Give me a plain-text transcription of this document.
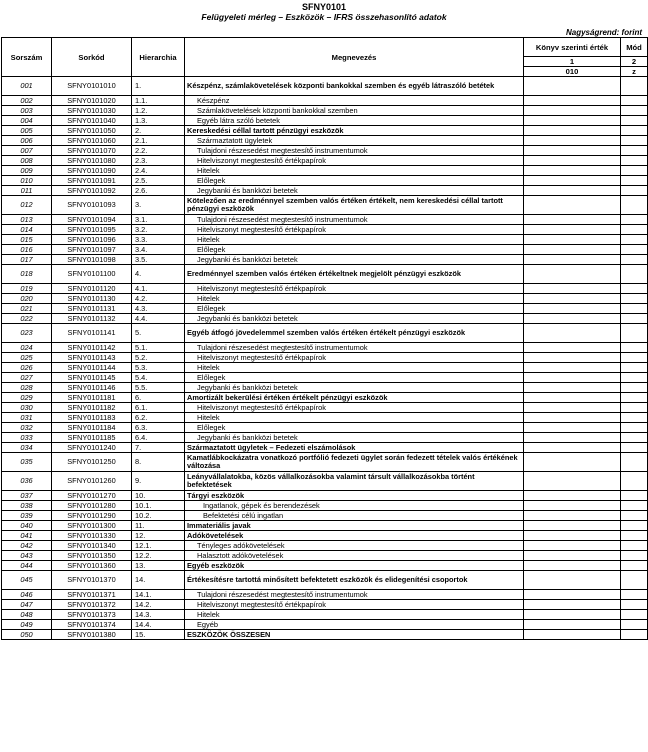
SFNY0101
Felügyeleti mérleg – Eszközök – IFRS összehasonlító adatok
Nagyságrend: forint
Sorszám	Sorkód	Hierarchia	Megnevezés	Könyv szerinti érték	Mód
				1	2
				010	z
001	SFNY0101010	1.	Készpénz, számlakövetelések központi bankokkal szemben és egyéb látraszóló betétek		
002	SFNY0101020	1.1.	Készpénz		
003	SFNY0101030	1.2.	Számlakövetelések központi bankokkal szemben		
004	SFNY0101040	1.3.	Egyéb látra szóló betetek		
005	SFNY0101050	2.	Kereskedési céllal tartott pénzügyi eszközök		
006	SFNY0101060	2.1.	Származtatott ügyletek		
007	SFNY0101070	2.2.	Tulajdoni részesedést megtestesítő instrumentumok		
008	SFNY0101080	2.3.	Hitelviszonyt megtestesítő értékpapírok		
009	SFNY0101090	2.4.	Hitelek		
010	SFNY0101091	2.5.	Előlegek		
011	SFNY0101092	2.6.	Jegybanki és bankközi betetek		
012	SFNY0101093	3.	Kötelezően az eredménnyel szemben valós értéken értékelt, nem kereskedési céllal tartott pénzügyi eszközök		
013	SFNY0101094	3.1.	Tulajdoni részesedést megtestesítő instrumentumok		
014	SFNY0101095	3.2.	Hitelviszonyt megtestesítő értékpapírok		
015	SFNY0101096	3.3.	Hitelek		
016	SFNY0101097	3.4.	Előlegek		
017	SFNY0101098	3.5.	Jegybanki és bankközi betetek		
018	SFNY0101100	4.	Eredménnyel szemben valós értéken értékeltnek megjelölt pénzügyi eszközök		
019	SFNY0101120	4.1.	Hitelviszonyt megtestesítő értékpapírok		
020	SFNY0101130	4.2.	Hitelek		
021	SFNY0101131	4.3.	Előlegek		
022	SFNY0101132	4.4.	Jegybanki és bankközi betetek		
023	SFNY0101141	5.	Egyéb átfogó jövedelemmel szemben valós értéken értékelt pénzügyi eszközök		
024	SFNY0101142	5.1.	Tulajdoni részesedést megtestesítő instrumentumok		
025	SFNY0101143	5.2.	Hitelviszonyt megtestesítő értékpapírok		
026	SFNY0101144	5.3.	Hitelek		
027	SFNY0101145	5.4.	Előlegek		
028	SFNY0101146	5.5.	Jegybanki és bankközi betetek		
029	SFNY0101181	6.	Amortizált bekerülési értéken értékelt pénzügyi eszközök		
030	SFNY0101182	6.1.	Hitelviszonyt megtestesítő értékpapírok		
031	SFNY0101183	6.2.	Hitelek		
032	SFNY0101184	6.3.	Előlegek		
033	SFNY0101185	6.4.	Jegybanki és bankközi betetek		
034	SFNY0101240	7.	Származtatott ügyletek – Fedezeti elszámolások		
035	SFNY0101250	8.	Kamatlábkockázatra vonatkozó portfólió fedezeti ügylet során fedezett tételek valós értékének változása		
036	SFNY0101260	9.	Leányvállalatokba, közös vállalkozásokba valamint társult vállalkozásokba történt befektetések		
037	SFNY0101270	10.	Tárgyi eszközök		
038	SFNY0101280	10.1.	Ingatlanok, gépek és berendezések		
039	SFNY0101290	10.2.	Befektetési célú ingatlan		
040	SFNY0101300	11.	Immateriális javak		
041	SFNY0101330	12.	Adókövetelések		
042	SFNY0101340	12.1.	Tényleges adókövetelések		
043	SFNY0101350	12.2.	Halasztott adókövetelések		
044	SFNY0101360	13.	Egyéb eszközök		
045	SFNY0101370	14.	Értékesítésre tartottá minősített befektetett eszközök és elidegenítési csoportok		
046	SFNY0101371	14.1.	Tulajdoni részesedést megtestesítő instrumentumok		
047	SFNY0101372	14.2.	Hitelviszonyt megtestesítő értékpapírok		
048	SFNY0101373	14.3.	Hitelek		
049	SFNY0101374	14.4.	Egyéb		
050	SFNY0101380	15.	ESZKÖZÖK ÖSSZESEN		
